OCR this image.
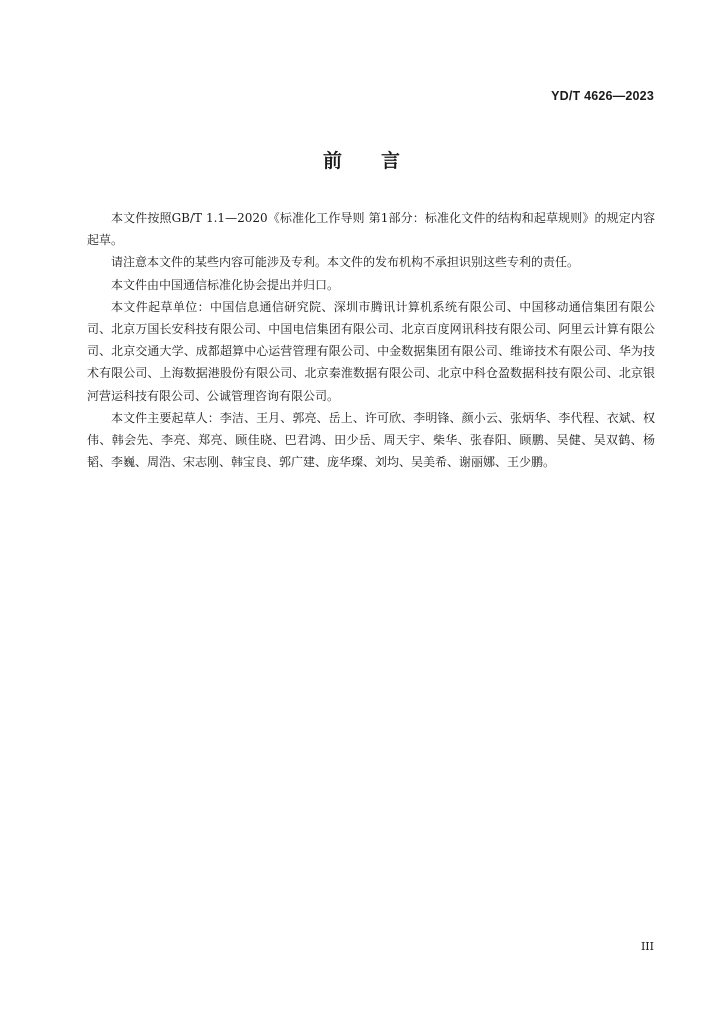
YD/T 4626—2023
前 言

本文件按照GB/T 1.1—2020《标准化工作导则 第1部分：标准化文件的结构和起草规则》的规定内容起草。

请注意本文件的某些内容可能涉及专利。本文件的发布机构不承担识别这些专利的责任。

本文件由中国通信标准化协会提出并归口。

本文件起草单位：中国信息通信研究院、深圳市腾讯计算机系统有限公司、中国移动通信集团有限公司、北京万国长安科技有限公司、中国电信集团有限公司、北京百度网讯科技有限公司、阿里云计算有限公司、北京交通大学、成都超算中心运营管理有限公司、中金数据集团有限公司、维谛技术有限公司、华为技术有限公司、上海数据港股份有限公司、北京秦淮数据有限公司、北京中科仓盈数据科技有限公司、北京银河营运科技有限公司、公诚管理咨询有限公司。

本文件主要起草人：李洁、王月、郭亮、岳上、许可欣、李明锋、颜小云、张炳华、李代程、衣斌、权伟、韩会先、李亮、郑亮、顾佳晓、巴君鸿、田少岳、周天宇、柴华、张春阳、顾鹏、吴健、吴双鹤、杨韬、李巍、周浩、宋志刚、韩宝良、郭广建、庞华璨、刘均、吴美希、谢丽娜、王少鹏。

III
